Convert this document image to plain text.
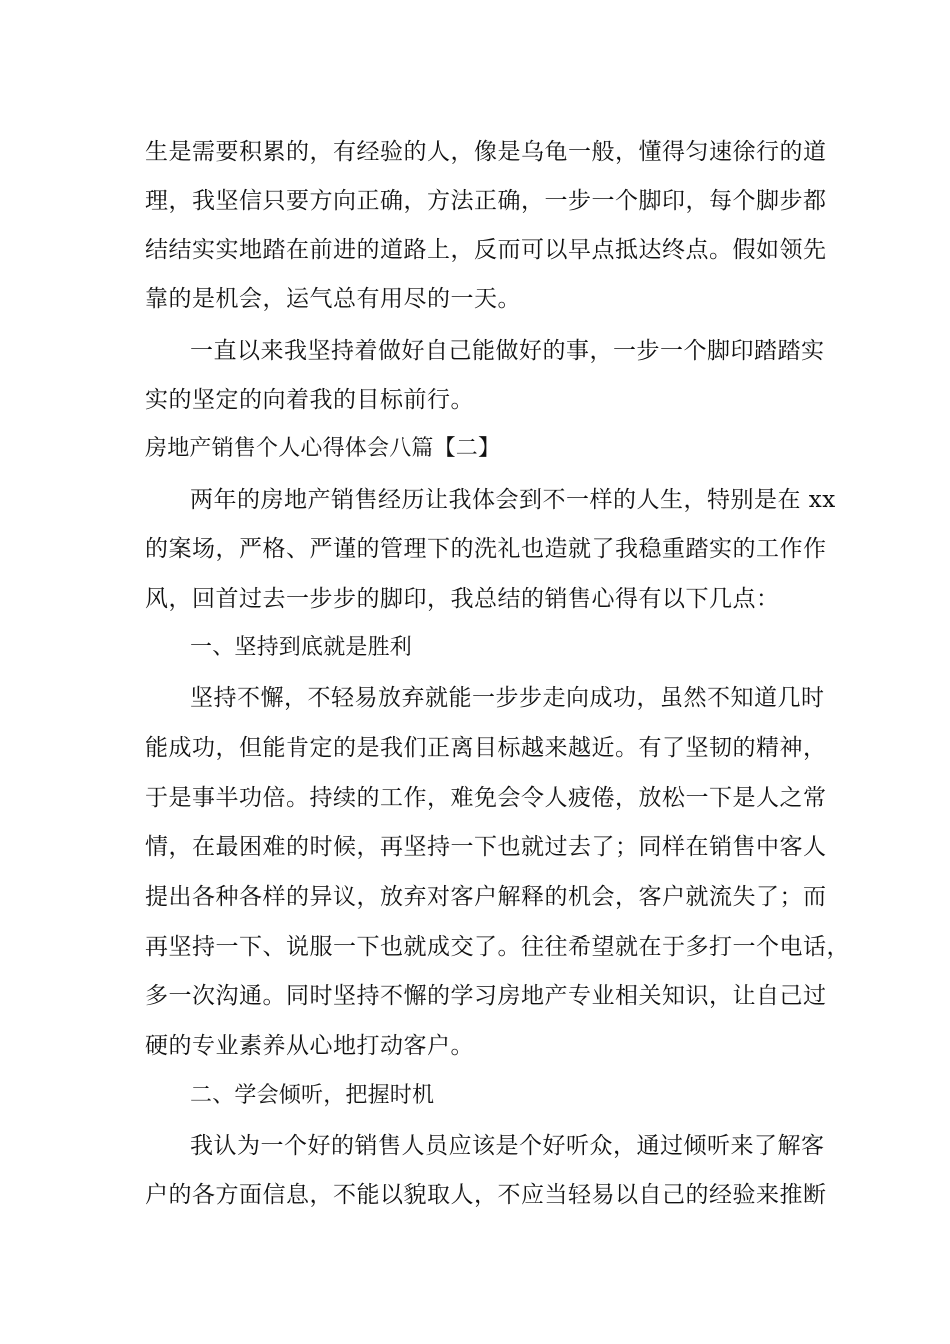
生是需要积累的，有经验的人，像是乌龟一般，懂得匀速徐行的道

理，我坚信只要方向正确，方法正确，一步一个脚印，每个脚步都

结结实实地踏在前进的道路上，反而可以早点抵达终点。假如领先

靠的是机会，运气总有用尽的一天。

一直以来我坚持着做好自己能做好的事，一步一个脚印踏踏实

实的坚定的向着我的目标前行。

房地产销售个人心得体会八篇【二】

两年的房地产销售经历让我体会到不一样的人生，特别是在 xx

的案场，严格、严谨的管理下的洗礼也造就了我稳重踏实的工作作

风，回首过去一步步的脚印，我总结的销售心得有以下几点：

一、坚持到底就是胜利

坚持不懈，不轻易放弃就能一步步走向成功，虽然不知道几时

能成功，但能肯定的是我们正离目标越来越近。有了坚韧的精神，

于是事半功倍。持续的工作，难免会令人疲倦，放松一下是人之常

情，在最困难的时候，再坚持一下也就过去了；同样在销售中客人

提出各种各样的异议，放弃对客户解释的机会，客户就流失了；而

再坚持一下、说服一下也就成交了。往往希望就在于多打一个电话，

多一次沟通。同时坚持不懈的学习房地产专业相关知识，让自己过

硬的专业素养从心地打动客户。

二、学会倾听，把握时机

我认为一个好的销售人员应该是个好听众，通过倾听来了解客

户的各方面信息，不能以貌取人，不应当轻易以自己的经验来推断
